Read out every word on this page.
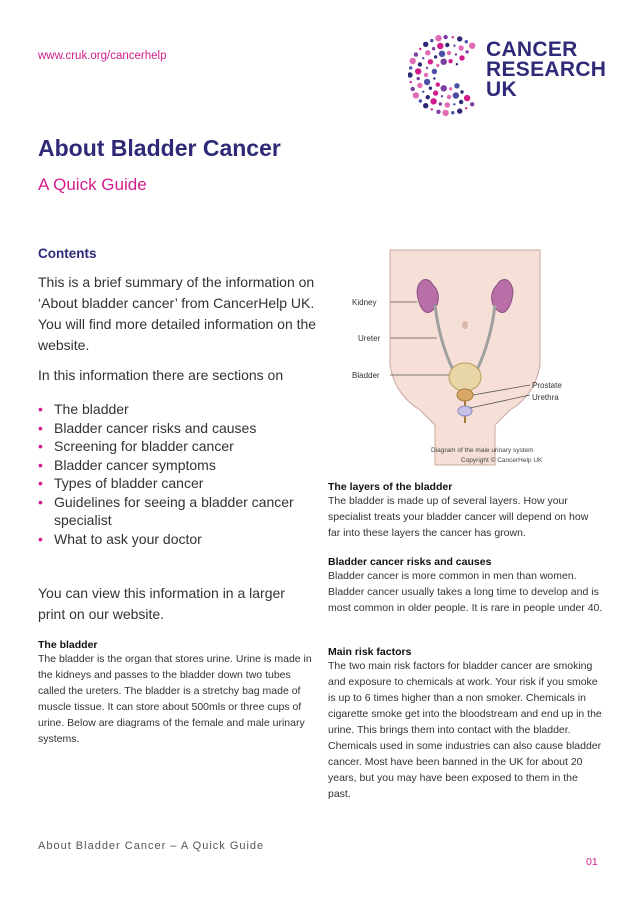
www.cruk.org/cancerhelp	CANCER
RESEARCH
UK
About Bladder Cancer
A Quick Guide
Contents

This is a brief summary of the information on ‘About bladder cancer’ from CancerHelp UK. You will find more detailed information on the website.

In this information there are sections on
• The bladder
• Bladder cancer risks and causes
• Screening for bladder cancer
• Bladder cancer symptoms
• Types of bladder cancer
• Guidelines for seeing a bladder cancer specialist
• What to ask your doctor

You can view this information in a larger print on our website.

The bladder

The bladder is the organ that stores urine. Urine is made in the kidneys and passes to the bladder down two tubes called the ureters. The bladder is a stretchy bag made of muscle tissue. It can store about 500mls or three cups of urine. Below are diagrams of the female and male urinary systems.

Kidney
Ureter
Bladder
Prostate
Urethra
Diagram of the male urinary system
Copyright © CancerHelp UK
The layers of the bladder

The bladder is made up of several layers. How your specialist treats your bladder cancer will depend on how far into these layers the cancer has grown.

Bladder cancer risks and causes

Bladder cancer is more common in men than women. Bladder cancer usually takes a long time to develop and is most common in older people. It is rare in people under 40.

Main risk factors

The two main risk factors for bladder cancer are smoking and exposure to chemicals at work. Your risk if you smoke is up to 6 times higher than a non smoker. Chemicals in cigarette smoke get into the bloodstream and end up in the urine. This brings them into contact with the bladder. Chemicals used in some industries can also cause bladder cancer. Most have been banned in the UK for about 20 years, but you may have been exposed to them in the past.

About Bladder Cancer – A Quick Guide
01
